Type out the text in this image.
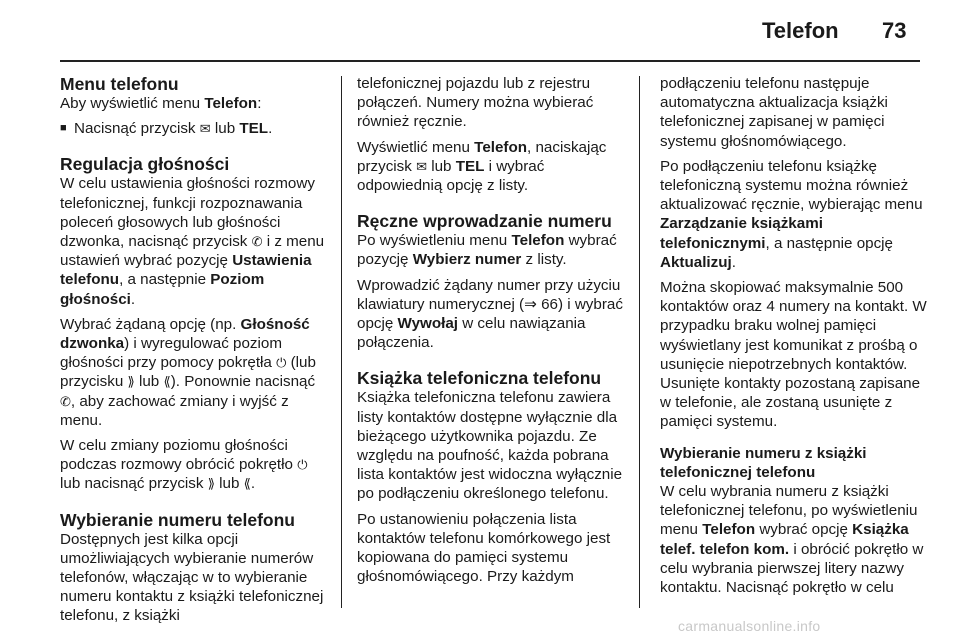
Telefon 73
Menu telefonu

Aby wyświetlić menu Telefon:

■ Nacisnąć przycisk ✉ lub TEL.

Regulacja głośności

W celu ustawienia głośności rozmowy telefonicznej, funkcji rozpoznawania poleceń głosowych lub głośności dzwonka, nacisnąć przycisk ✆ i z menu ustawień wybrać pozycję Ustawienia telefonu, a następnie Poziom głośności.

Wybrać żądaną opcję (np. Głośność dzwonka) i wyregulować poziom głośności przy pomocy pokrętła ⏻ (lub przycisku ⟫ lub ⟪). Ponownie nacisnąć ✆, aby zachować zmiany i wyjść z menu.

W celu zmiany poziomu głośności podczas rozmowy obrócić pokrętło ⏻ lub nacisnąć przycisk ⟫ lub ⟪.

Wybieranie numeru telefonu

Dostępnych jest kilka opcji umożliwiających wybieranie numerów telefonów, włączając w to wybieranie numeru kontaktu z książki telefonicznej telefonu, z książki

telefonicznej pojazdu lub z rejestru połączeń. Numery można wybierać również ręcznie.

Wyświetlić menu Telefon, naciskając przycisk ✉ lub TEL i wybrać odpowiednią opcję z listy.

Ręczne wprowadzanie numeru

Po wyświetleniu menu Telefon wybrać pozycję Wybierz numer z listy.

Wprowadzić żądany numer przy użyciu klawiatury numerycznej (⇒ 66) i wybrać opcję Wywołaj w celu nawiązania połączenia.

Książka telefoniczna telefonu

Książka telefoniczna telefonu zawiera listy kontaktów dostępne wyłącznie dla bieżącego użytkownika pojazdu. Ze względu na poufność, każda pobrana lista kontaktów jest widoczna wyłącznie po podłączeniu określonego telefonu.

Po ustanowieniu połączenia lista kontaktów telefonu komórkowego jest kopiowana do pamięci systemu głośnomówiącego. Przy każdym

podłączeniu telefonu następuje automatyczna aktualizacja książki telefonicznej zapisanej w pamięci systemu głośnomówiącego.

Po podłączeniu telefonu książkę telefoniczną systemu można również aktualizować ręcznie, wybierając menu Zarządzanie książkami telefonicznymi, a następnie opcję Aktualizuj.

Można skopiować maksymalnie 500 kontaktów oraz 4 numery na kontakt. W przypadku braku wolnej pamięci wyświetlany jest komunikat z prośbą o usunięcie niepotrzebnych kontaktów. Usunięte kontakty pozostaną zapisane w telefonie, ale zostaną usunięte z pamięci systemu.

Wybieranie numeru z książki telefonicznej telefonu

W celu wybrania numeru z książki telefonicznej telefonu, po wyświetleniu menu Telefon wybrać opcję Książka telef. telefon kom. i obrócić pokrętło w celu wybrania pierwszej litery nazwy kontaktu. Nacisnąć pokrętło w celu

carmanualsonline.info
